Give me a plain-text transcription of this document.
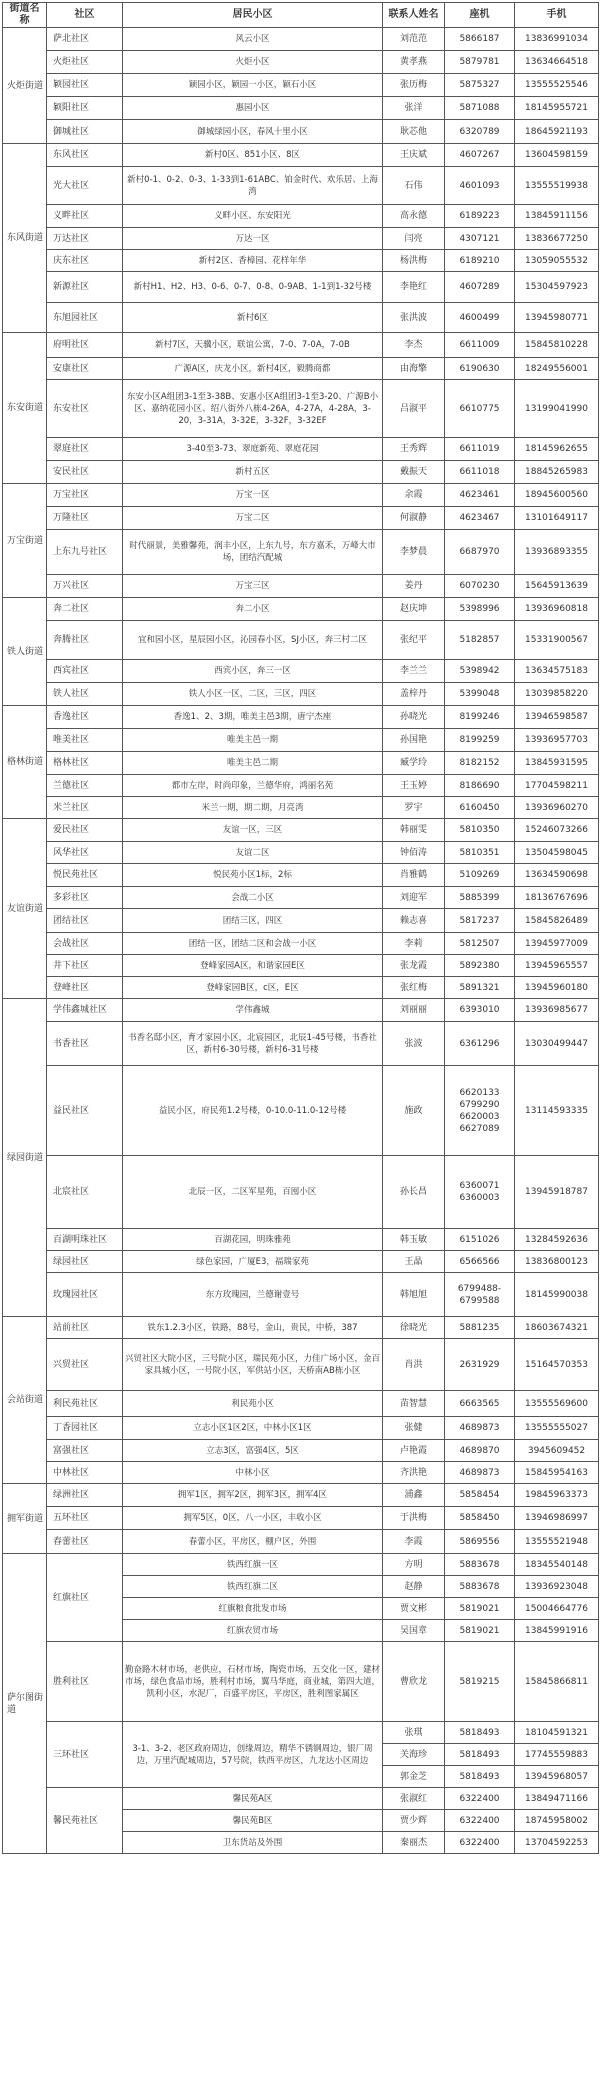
街道名称	社区	居民小区	联系人姓名	座机	手机
火炬街道	萨北社区	风云小区	刘范范	5866187	13836991034
	火炬社区	火炬小区	黄孝燕	5879781	13634664518
	颖园社区	颖园小区，颖园一小区，颖石小区	张历梅	5875327	13555525546
	颖阳社区	惠园小区	张洋	5871088	18145955721
	御城社区	御城绿园小区，春风十里小区	耿芯他	6320789	18645921193
东风街道	东风社区	新村0区、851小区、8区	王庆斌	4607267	13604598159
	光大社区	新村0-1、0-2、0-3、1-33到1-61ABC、铂金时代、欢乐居、上海湾	石伟	4601093	13555519938
	义畔社区	义畔小区、东安阳光	高永德	6189223	13845911156
	万达社区	万达一区	闫亮	4307121	13836677250
	庆东社区	新村2区、香樟园、花样年华	杨洪梅	6189210	13059055532
	新源社区	新村H1、H2、H3、0-6、0-7、0-8、0-9AB、1-1到1-32号楼	李艳红	4607289	15304597923
	东旭园社区	新村6区	张洪波	4600499	13945980771
东安街道	府明社区	新村7区，天骥小区，联谊公寓，7-0、7-0A，7-0B	李杰	6611009	15845810228
	安康社区	广源A区，庆龙小区，新村4区，毅腾商都	由海擎	6190630	18249556001
	东安社区	东安小区A组团3-1至3-38B、安惠小区A组团3-1至3-20、广源B小区、嘉纳花园小区、绍八街外八栋4-26A，4-27A，4-28A，3-20，3-31A，3-32E，3-32F，3-32EF	吕淑平	6610775	13199041990
	翠庭社区	3-40至3-73、翠庭新苑、翠庭花园	王秀辉	6611019	18145962655
	安民社区	新村五区	戴振天	6611018	18845265983
万宝街道	万宝社区	万宝一区	余霞	4623461	18945600560
	万隆社区	万宝二区	何淑静	4623467	13101649117
	上东九号社区	时代丽景，美雅馨苑，润丰小区，上东九号，东方嘉禾，万峰大市场，团结汽配城	李梦晨	6687970	13936893355
	万兴社区	万宝三区	姜丹	6070230	15645913639
铁人街道	奔二社区	奔二小区	赵庆坤	5398996	13936960818
	奔腾社区	宜和园小区，星辰园小区，沁园春小区，SJ小区，奔三村二区	张纪平	5182857	15331900567
	西宾社区	西宾小区，奔三一区	李兰兰	5398942	13634575183
	铁人社区	铁人小区一区，二区，三区，四区	盖梓丹	5399048	13039858220
格林街道	香逸社区	香逸1、2、3期，唯美主邑3期，唐宁杰座	孙晓光	8199246	13946598587
	唯美社区	唯美主邑一期	孙国艳	8199259	13936957703
	格林社区	唯美主邑二期	臧学玲	8182152	13845931595
	兰德社区	都市左岸，时尚印象，兰德华府，鸿丽名苑	王玉婷	8186690	17704598211
	米兰社区	米兰一期，期二期，月亮湾	罗宇	6160450	13936960270
友谊街道	爱民社区	友谊一区，三区	韩丽雯	5810350	15246073266
	风华社区	友谊二区	钟佰涛	5810351	13504598045
	悦民苑社区	悦民苑小区1标，2标	肖雅鹤	5109269	13634590698
	多彩社区	会战二小区	刘迎军	5885399	18136767696
	团结社区	团结三区，四区	赖志喜	5817237	15845826489
	会战社区	团结一区，团结二区和会战一小区	李莉	5812507	13945977009
	井下社区	登峰家园A区，和谐家园E区	张龙霞	5892380	13945965557
	登峰社区	登峰家园B区，c区，E区	张红梅	5891321	13945960180
绿园街道	学伟鑫城社区	学伟鑫城	刘丽丽	6393010	13936985677
	书香社区	书香名邸小区，育才家园小区，北宸园区，北辰1-45号楼，书香社区，新村6-30号楼，新村6-31号楼	张波	6361296	13030499447
	益民社区	益民小区，府民苑1.2号楼，0-10.0-11.0-12号楼	施政	6620133
6799290
6620003
6627089	13114593335
	北宸社区	北辰一区，二区军星苑，百囤小区	孙长昌	6360071
6360003	13945918787
	百湖明珠社区	百湖花园，明珠雅苑	韩玉敏	6151026	13284592636
	绿园社区	绿色家园，广厦E3，福瑞家苑	王晶	6566566	13836800123
	玫瑰园社区	东方玫瑰园，兰德谢壹号	韩旭旭	6799488-6799588	18145990038
会站街道	站前社区	铁东1.2.3小区，铁路，88号，金山，贵民，中桥，387	徐晓光	5881235	18603674321
	兴贸社区	兴贸社区大院小区，三号院小区，瑞民苑小区，力佳广场小区，金百家具城小区，一号院小区，军供站小区，天桥南AB栋小区	肖洪	2631929	15164570353
	利民苑社区	利民苑小区	苗智慧	6663565	13555569600
	丁香园社区	立志小区1区2区，中林小区1区	张健	4689873	13555555027
	富强社区	立志3区，富强4区，5区	卢艳霞	4689870	3945609452
	中林社区	中林小区	齐洪艳	4689873	15845954163
拥军街道	绿洲社区	拥军1区，拥军2区，拥军3区，拥军4区	浦鑫	5858454	19845963373
	五环社区	拥军5区，0区，八一小区，丰收小区	于洪梅	5858450	13946986997
	春蕾社区	春蕾小区，平房区，棚户区，外围	李霞	5869556	13555521948
萨尔图街道	红旗社区	铁西红旗一区	方明	5883678	18345540148
		铁西红旗二区	赵静	5883678	13936923048
		红旗粮食批发市场	贾文彬	5819021	15004664776
		红旗农贸市场	吴国章	5819021	13845991916
	胜利社区	勤奋路木材市场，老供应，石材市场，陶瓷市场，五交化一区，建材市场，绿色食品市场，胜利村市场，翼马华庭，商业城，第四大道，凯利小区，水泥厂，百盛平房区，平房区，胜利图家属区	曹欣龙	5819215	15845866811
	三环社区	3-1、3-2、老区政府周边，创缘周边，精华不锈钢周边，银厂周边，万里汽配城周边，57号院，铁西平房区，九龙达小区周边	张琪	5818493	18104591321
			关海珍	5818493	17745559883
			郭金芝	5818493	13945968057
	馨民苑社区	馨民苑A区	张淑红	6322400	13849471166
		馨民苑B区	贾少辉	6322400	18745958002
		卫东货站及外围	秦丽杰	6322400	13704592253
